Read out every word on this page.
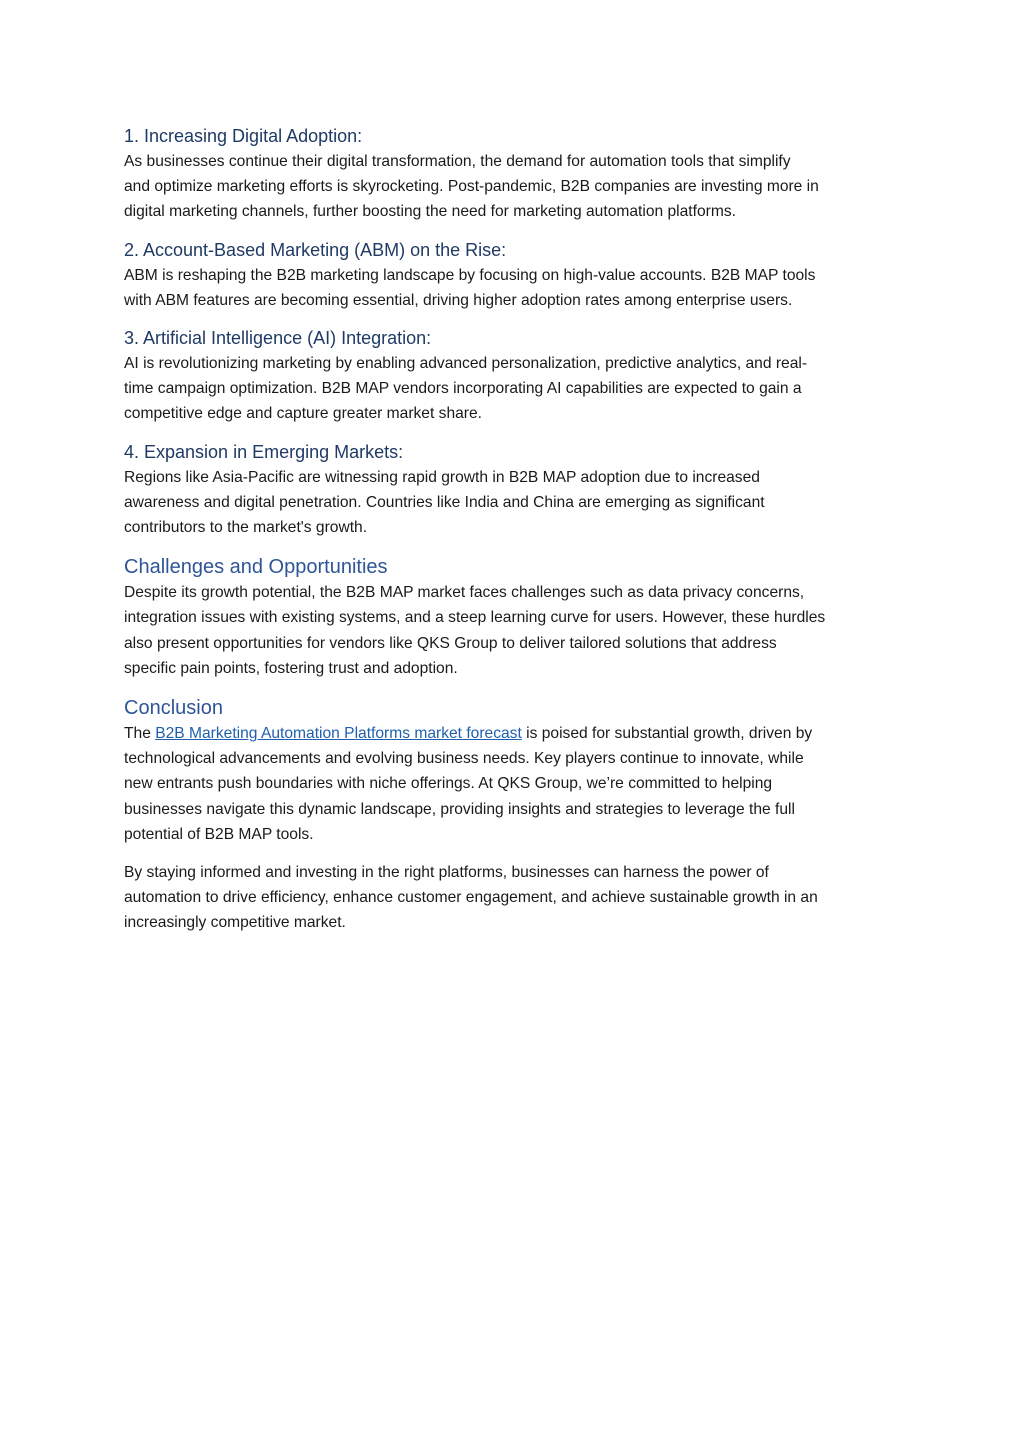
1. Increasing Digital Adoption:

As businesses continue their digital transformation, the demand for automation tools that simplify
and optimize marketing efforts is skyrocketing. Post-pandemic, B2B companies are investing more in
digital marketing channels, further boosting the need for marketing automation platforms.

2. Account-Based Marketing (ABM) on the Rise:

ABM is reshaping the B2B marketing landscape by focusing on high-value accounts. B2B MAP tools
with ABM features are becoming essential, driving higher adoption rates among enterprise users.

3. Artificial Intelligence (AI) Integration:

AI is revolutionizing marketing by enabling advanced personalization, predictive analytics, and real-
time campaign optimization. B2B MAP vendors incorporating AI capabilities are expected to gain a
competitive edge and capture greater market share.

4. Expansion in Emerging Markets:

Regions like Asia-Pacific are witnessing rapid growth in B2B MAP adoption due to increased
awareness and digital penetration. Countries like India and China are emerging as significant
contributors to the market's growth.

Challenges and Opportunities

Despite its growth potential, the B2B MAP market faces challenges such as data privacy concerns,
integration issues with existing systems, and a steep learning curve for users. However, these hurdles
also present opportunities for vendors like QKS Group to deliver tailored solutions that address
specific pain points, fostering trust and adoption.

Conclusion

The B2B Marketing Automation Platforms market forecast is poised for substantial growth, driven by
technological advancements and evolving business needs. Key players continue to innovate, while
new entrants push boundaries with niche offerings. At QKS Group, we’re committed to helping
businesses navigate this dynamic landscape, providing insights and strategies to leverage the full
potential of B2B MAP tools.

By staying informed and investing in the right platforms, businesses can harness the power of
automation to drive efficiency, enhance customer engagement, and achieve sustainable growth in an
increasingly competitive market.
